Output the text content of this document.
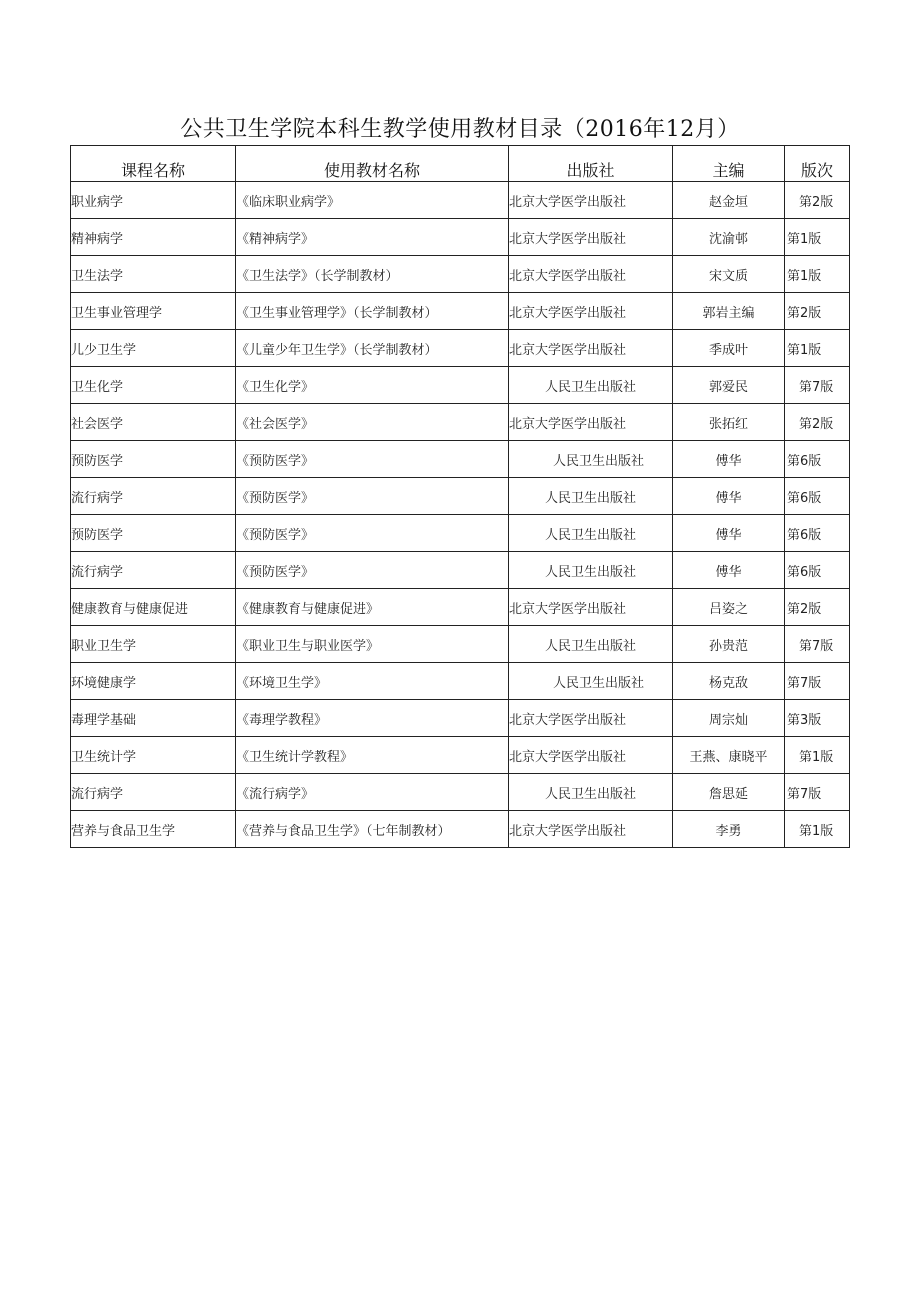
公共卫生学院本科生教学使用教材目录（2016年12月）
课程名称	使用教材名称	出版社	主编	版次
职业病学	《临床职业病学》	北京大学医学出版社	赵金垣	第2版
精神病学	《精神病学》	北京大学医学出版社	沈渝邨	第1版
卫生法学	《卫生法学》（长学制教材）	北京大学医学出版社	宋文质	第1版
卫生事业管理学	《卫生事业管理学》（长学制教材）	北京大学医学出版社	郭岩主编	第2版
儿少卫生学	《儿童少年卫生学》（长学制教材）	北京大学医学出版社	季成叶	第1版
卫生化学	《卫生化学》	人民卫生出版社	郭爱民	第7版
社会医学	《社会医学》	北京大学医学出版社	张拓红	第2版
预防医学	《预防医学》	人民卫生出版社	傅华	第6版
流行病学	《预防医学》	人民卫生出版社	傅华	第6版
预防医学	《预防医学》	人民卫生出版社	傅华	第6版
流行病学	《预防医学》	人民卫生出版社	傅华	第6版
健康教育与健康促进	《健康教育与健康促进》	北京大学医学出版社	吕姿之	第2版
职业卫生学	《职业卫生与职业医学》	人民卫生出版社	孙贵范	第7版
环境健康学	《环境卫生学》	人民卫生出版社	杨克敌	第7版
毒理学基础	《毒理学教程》	北京大学医学出版社	周宗灿	第3版
卫生统计学	《卫生统计学教程》	北京大学医学出版社	王燕、康晓平	第1版
流行病学	《流行病学》	人民卫生出版社	詹思延	第7版
营养与食品卫生学	《营养与食品卫生学》（七年制教材）	北京大学医学出版社	李勇	第1版
